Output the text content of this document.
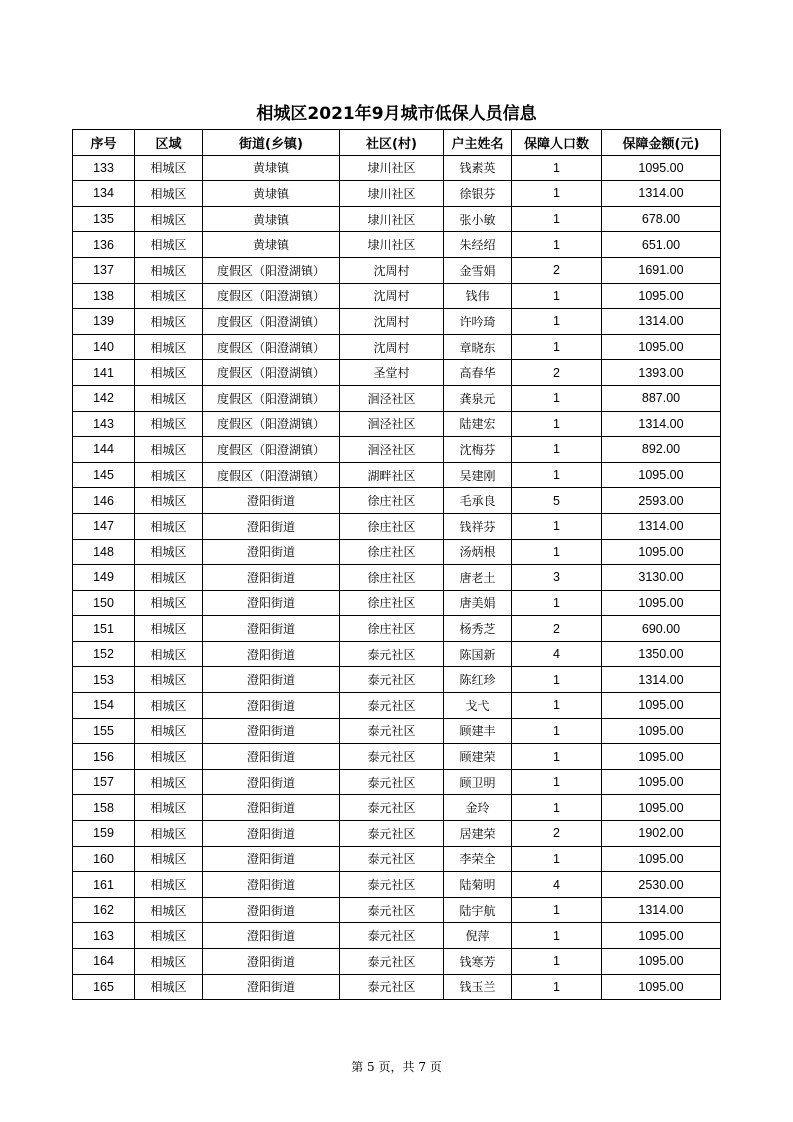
相城区2021年9月城市低保人员信息
序号	区域	街道(乡镇)	社区(村)	户主姓名	保障人口数	保障金额(元)
133	相城区	黄埭镇	埭川社区	钱素英	1	1095.00
134	相城区	黄埭镇	埭川社区	徐银芬	1	1314.00
135	相城区	黄埭镇	埭川社区	张小敏	1	678.00
136	相城区	黄埭镇	埭川社区	朱经绍	1	651.00
137	相城区	度假区（阳澄湖镇）	沈周村	金雪娟	2	1691.00
138	相城区	度假区（阳澄湖镇）	沈周村	钱伟	1	1095.00
139	相城区	度假区（阳澄湖镇）	沈周村	许吟琦	1	1314.00
140	相城区	度假区（阳澄湖镇）	沈周村	章晓东	1	1095.00
141	相城区	度假区（阳澄湖镇）	圣堂村	高春华	2	1393.00
142	相城区	度假区（阳澄湖镇）	洄泾社区	龚泉元	1	887.00
143	相城区	度假区（阳澄湖镇）	洄泾社区	陆建宏	1	1314.00
144	相城区	度假区（阳澄湖镇）	洄泾社区	沈梅芬	1	892.00
145	相城区	度假区（阳澄湖镇）	湖畔社区	吴建刚	1	1095.00
146	相城区	澄阳街道	徐庄社区	毛承良	5	2593.00
147	相城区	澄阳街道	徐庄社区	钱祥芬	1	1314.00
148	相城区	澄阳街道	徐庄社区	汤炳根	1	1095.00
149	相城区	澄阳街道	徐庄社区	唐老土	3	3130.00
150	相城区	澄阳街道	徐庄社区	唐美娟	1	1095.00
151	相城区	澄阳街道	徐庄社区	杨秀芝	2	690.00
152	相城区	澄阳街道	泰元社区	陈国新	4	1350.00
153	相城区	澄阳街道	泰元社区	陈红珍	1	1314.00
154	相城区	澄阳街道	泰元社区	戈弋	1	1095.00
155	相城区	澄阳街道	泰元社区	顾建丰	1	1095.00
156	相城区	澄阳街道	泰元社区	顾建荣	1	1095.00
157	相城区	澄阳街道	泰元社区	顾卫明	1	1095.00
158	相城区	澄阳街道	泰元社区	金玲	1	1095.00
159	相城区	澄阳街道	泰元社区	居建荣	2	1902.00
160	相城区	澄阳街道	泰元社区	李荣全	1	1095.00
161	相城区	澄阳街道	泰元社区	陆菊明	4	2530.00
162	相城区	澄阳街道	泰元社区	陆宇航	1	1314.00
163	相城区	澄阳街道	泰元社区	倪萍	1	1095.00
164	相城区	澄阳街道	泰元社区	钱寒芳	1	1095.00
165	相城区	澄阳街道	泰元社区	钱玉兰	1	1095.00
第 5 页，共 7 页
